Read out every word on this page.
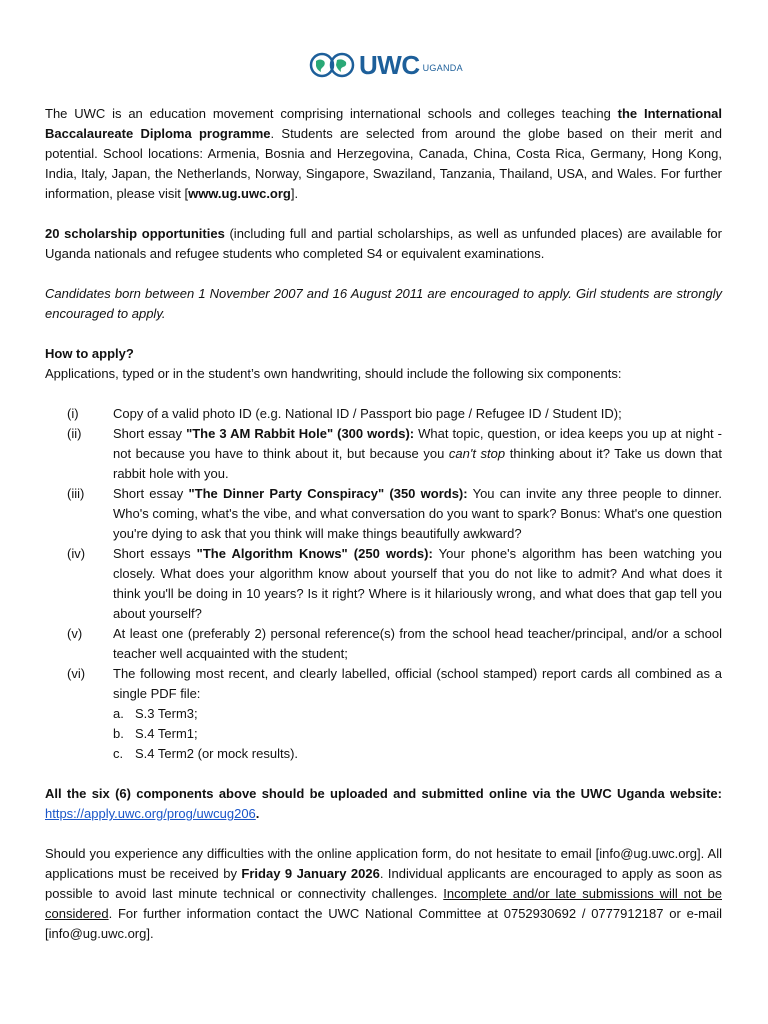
UWC UGANDA

The UWC is an education movement comprising international schools and colleges teaching the International Baccalaureate Diploma programme. Students are selected from around the globe based on their merit and potential. School locations: Armenia, Bosnia and Herzegovina, Canada, China, Costa Rica, Germany, Hong Kong, India, Italy, Japan, the Netherlands, Norway, Singapore, Swaziland, Tanzania, Thailand, USA, and Wales. For further information, please visit [www.ug.uwc.org].

20 scholarship opportunities (including full and partial scholarships, as well as unfunded places) are available for Uganda nationals and refugee students who completed S4 or equivalent examinations.

Candidates born between 1 November 2007 and 16 August 2011 are encouraged to apply. Girl students are strongly encouraged to apply.

How to apply?

Applications, typed or in the student’s own handwriting, should include the following six components:

(i)	Copy of a valid photo ID (e.g. National ID / Passport bio page / Refugee ID / Student ID);
(ii)	Short essay "The 3 AM Rabbit Hole" (300 words): What topic, question, or idea keeps you up at night - not because you have to think about it, but because you can't stop thinking about it? Take us down that rabbit hole with you.
(iii)	Short essay "The Dinner Party Conspiracy" (350 words): You can invite any three people to dinner. Who's coming, what's the vibe, and what conversation do you want to spark? Bonus: What's one question you're dying to ask that you think will make things beautifully awkward?
(iv)	Short essays "The Algorithm Knows" (250 words): Your phone's algorithm has been watching you closely. What does your algorithm know about yourself that you do not like to admit? And what does it think you'll be doing in 10 years? Is it right? Where is it hilariously wrong, and what does that gap tell you about yourself?
(v)	At least one (preferably 2) personal reference(s) from the school head teacher/principal, and/or a school teacher well acquainted with the student;
(vi)	The following most recent, and clearly labelled, official (school stamped) report cards all combined as a single PDF file:
a. S.3 Term3;
b. S.4 Term1;
c. S.4 Term2 (or mock results).

All the six (6) components above should be uploaded and submitted online via the UWC Uganda website: https://apply.uwc.org/prog/uwcug206.

Should you experience any difficulties with the online application form, do not hesitate to email [info@ug.uwc.org]. All applications must be received by Friday 9 January 2026. Individual applicants are encouraged to apply as soon as possible to avoid last minute technical or connectivity challenges. Incomplete and/or late submissions will not be considered. For further information contact the UWC National Committee at 0752930692 / 0777912187 or e-mail [info@ug.uwc.org].
